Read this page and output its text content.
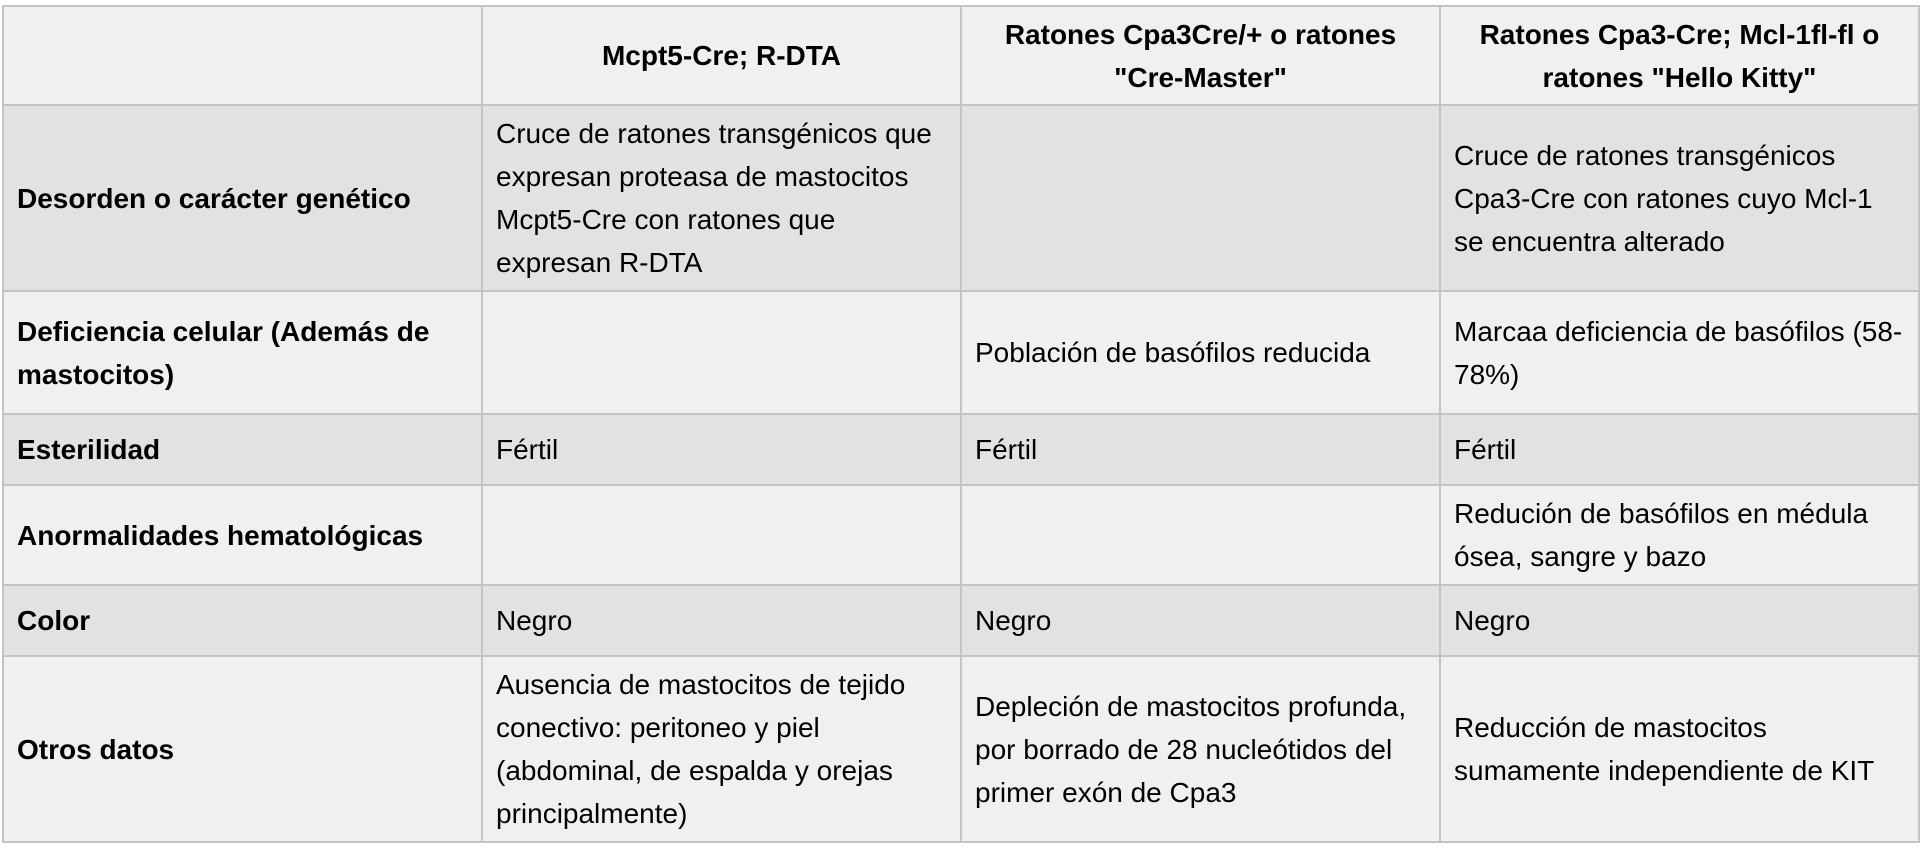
	Mcpt5-Cre; R-DTA	Ratones Cpa3Cre/+ o ratones "Cre-Master"	Ratones Cpa3-Cre; Mcl-1fl-fl o ratones "Hello Kitty"
Desorden o carácter genético	Cruce de ratones transgénicos que expresan proteasa de mastocitos Mcpt5-Cre con ratones que expresan R-DTA		Cruce de ratones transgénicos Cpa3-Cre con ratones cuyo Mcl-1 se encuentra alterado
Deficiencia celular (Además de mastocitos)		Población de basófilos reducida	Marcaa deficiencia de basófilos (58-78%)
Esterilidad	Fértil	Fértil	Fértil
Anormalidades hematológicas			Redución de basófilos en médula ósea, sangre y bazo
Color	Negro	Negro	Negro
Otros datos	Ausencia de mastocitos de tejido conectivo: peritoneo y piel (abdominal, de espalda y orejas principalmente)	Depleción de mastocitos profunda, por borrado de 28 nucleótidos del primer exón de Cpa3	Reducción de mastocitos sumamente independiente de KIT
